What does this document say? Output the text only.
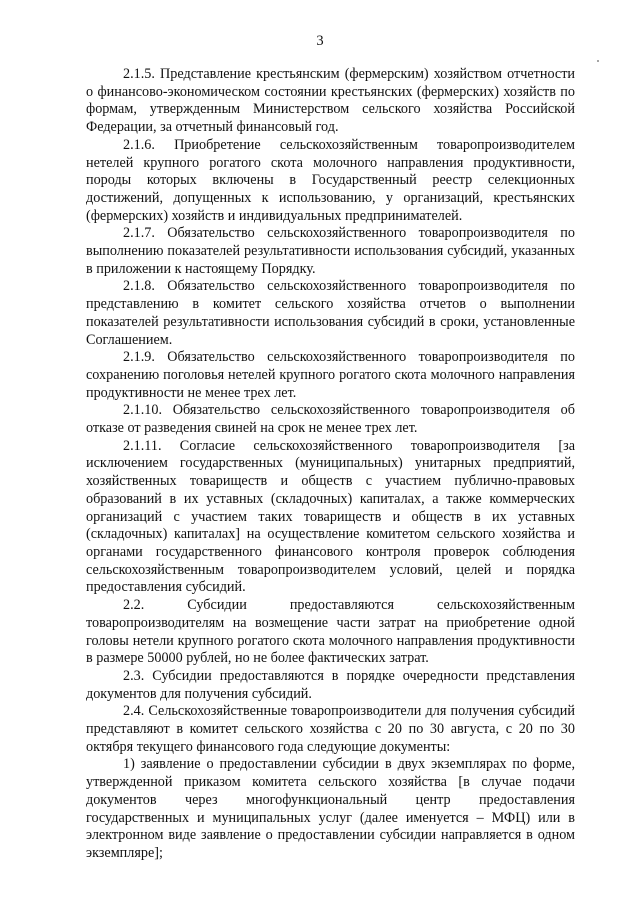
3

2.1.5. Представление крестьянским (фермерским) хозяйством отчетности о финансово-экономическом состоянии крестьянских (фермерских) хозяйств по формам, утвержденным Министерством сельского хозяйства Российской Федерации, за отчетный финансовый год.

2.1.6. Приобретение сельскохозяйственным товаропроизводителем нетелей крупного рогатого скота молочного направления продуктивности, породы которых включены в Государственный реестр селекционных достижений, допущенных к использованию, у организаций, крестьянских (фермерских) хозяйств и индивидуальных предпринимателей.

2.1.7. Обязательство сельскохозяйственного товаропроизводителя по выполнению показателей результативности использования субсидий, указанных в приложении к настоящему Порядку.

2.1.8. Обязательство сельскохозяйственного товаропроизводителя по представлению в комитет сельского хозяйства отчетов о выполнении показателей результативности использования субсидий в сроки, установленные Соглашением.

2.1.9. Обязательство сельскохозяйственного товаропроизводителя по сохранению поголовья нетелей крупного рогатого скота молочного направления продуктивности не менее трех лет.

2.1.10. Обязательство сельскохозяйственного товаропроизводителя об отказе от разведения свиней на срок не менее трех лет.

2.1.11. Согласие сельскохозяйственного товаропроизводителя [за исключением государственных (муниципальных) унитарных предприятий, хозяйственных товариществ и обществ с участием публично-правовых образований в их уставных (складочных) капиталах, а также коммерческих организаций с участием таких товариществ и обществ в их уставных (складочных) капиталах] на осуществление комитетом сельского хозяйства и органами государственного финансового контроля проверок соблюдения сельскохозяйственным товаропроизводителем условий, целей и порядка предоставления субсидий.

2.2. Субсидии предоставляются сельскохозяйственным товаропроизводителям на возмещение части затрат на приобретение одной головы нетели крупного рогатого скота молочного направления продуктивности в размере 50000 рублей, но не более фактических затрат.

2.3. Субсидии предоставляются в порядке очередности представления документов для получения субсидий.

2.4. Сельскохозяйственные товаропроизводители для получения субсидий представляют в комитет сельского хозяйства с 20 по 30 августа, с 20 по 30 октября текущего финансового года следующие документы:

1) заявление о предоставлении субсидии в двух экземплярах по форме, утвержденной приказом комитета сельского хозяйства [в случае подачи документов через многофункциональный центр предоставления государственных и муниципальных услуг (далее именуется – МФЦ) или в электронном виде заявление о предоставлении субсидии направляется в одном экземпляре];
